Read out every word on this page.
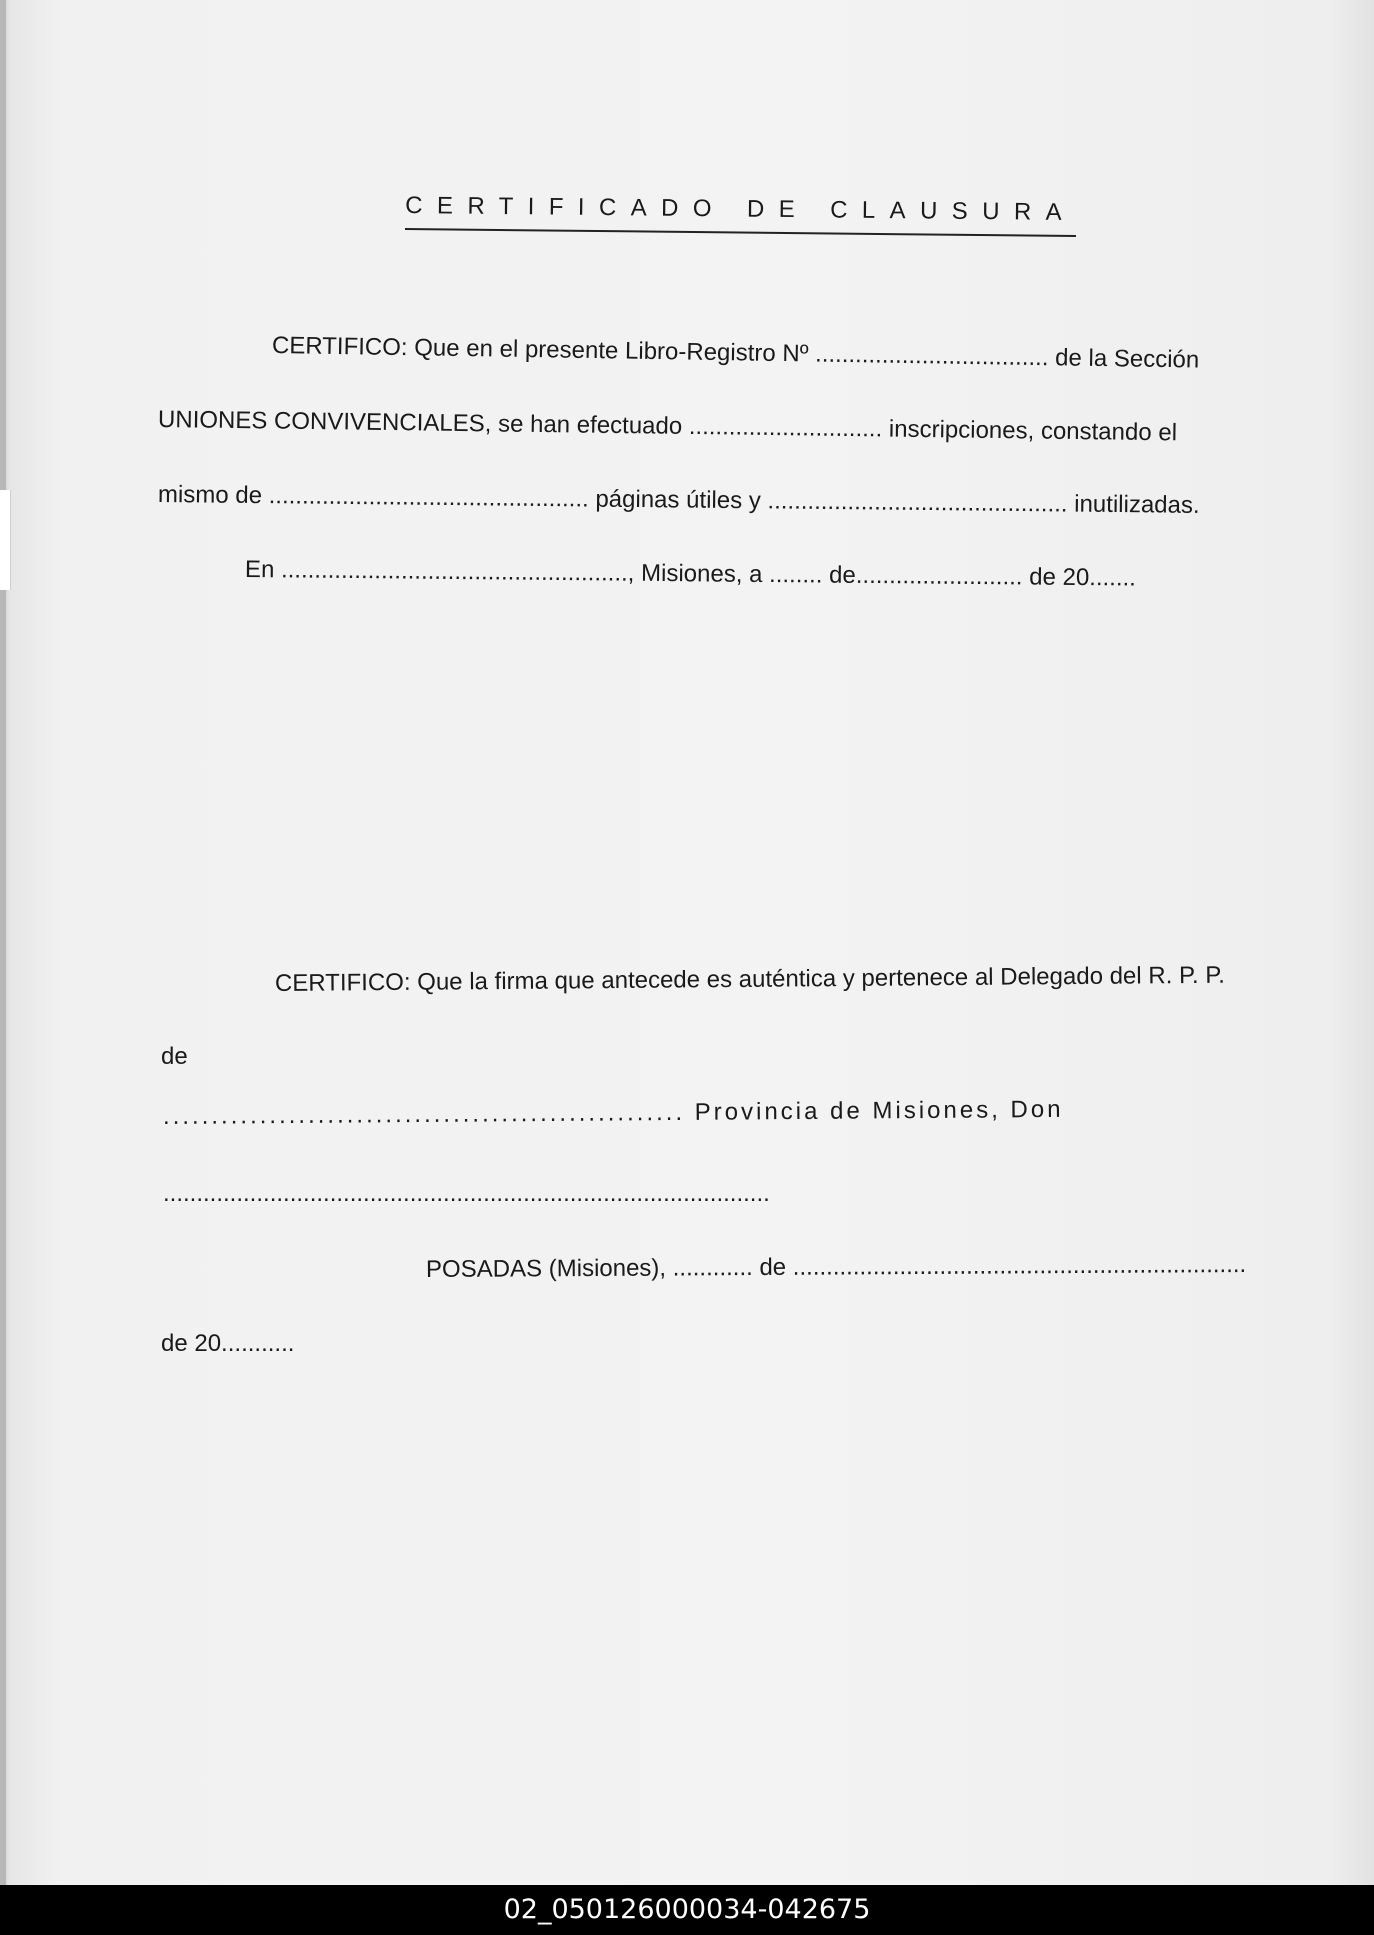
CERTIFICADO DE CLAUSURA
CERTIFICO: Que en el presente Libro-Registro Nº ................................... de la Sección
UNIONES CONVIVENCIALES, se han efectuado ............................. inscripciones, constando el
mismo de ................................................ páginas útiles y ............................................. inutilizadas.
En ...................................................., Misiones, a ........ de......................... de 20.......
CERTIFICO: Que la firma que antecede es auténtica y pertenece al Delegado del R. P. P.
de
...................................................... Provincia de Misiones, Don
...........................................................................................
POSADAS (Misiones), ............ de ....................................................................
de 20...........
02_050126000034-042675
